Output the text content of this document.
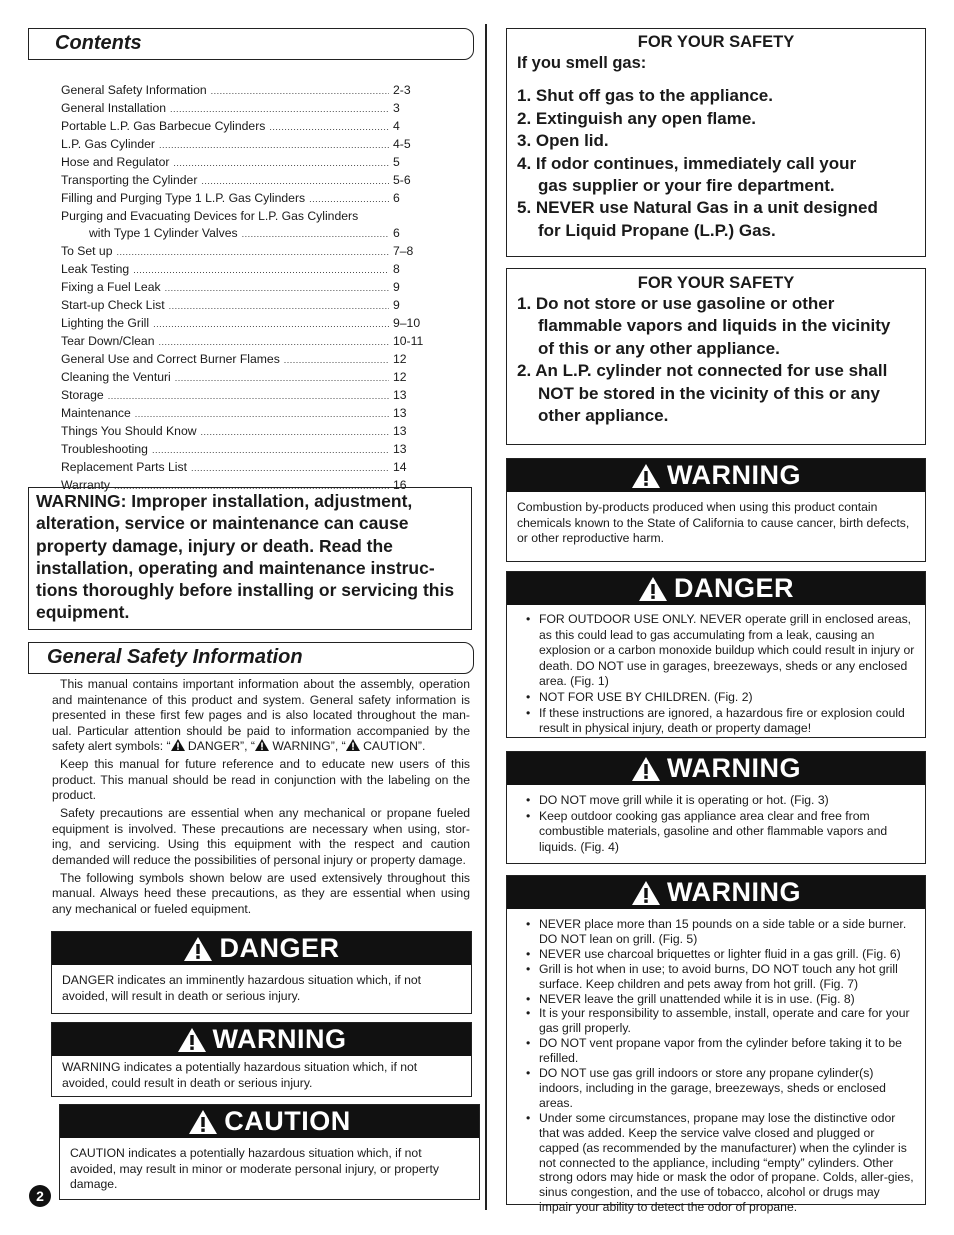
Contents
General Safety Information .....	2-3
General Installation .....	3
Portable L.P. Gas Barbecue Cylinders .....	4
L.P. Gas Cylinder .....	4-5
Hose and Regulator .....	5
Transporting the Cylinder .....	5-6
Filling and Purging Type 1 L.P. Gas Cylinders .....	6
Purging and Evacuating Devices for L.P. Gas Cylinders
with Type 1 Cylinder Valves .....	6
To Set up .....	7–8
Leak Testing .....	8
Fixing a Fuel Leak .....	9
Start-up Check List .....	9
Lighting the Grill .....	9–10
Tear Down/Clean .....	10-11
General Use and Correct Burner Flames .....	12
Cleaning the Venturi .....	12
Storage .....	13
Maintenance .....	13
Things You Should Know .....	13
Troubleshooting .....	13
Replacement Parts List .....	14
Warranty .....	16
WARNING: Improper installation, adjustment, alteration, service or maintenance can cause property damage, injury or death. Read the installation, operating and maintenance instruc-tions thoroughly before installing or servicing this equipment.
General Safety Information

This manual contains important information about the assembly, operation and maintenance of this product and system. General safety information is presented in these first few pages and is also located throughout the man-ual. Particular attention should be paid to information accompanied by the safety alert symbols: “ DANGER”, “ WARNING”, “ CAUTION”.

Keep this manual for future reference and to educate new users of this product. This manual should be read in conjunction with the labeling on the product.

Safety precautions are essential when any mechanical or propane fueled equipment is involved. These precautions are necessary when using, stor-ing, and servicing. Using this equipment with the respect and caution demanded will reduce the possibilities of personal injury or property damage.

The following symbols shown below are used extensively throughout this manual. Always heed these precautions, as they are essential when using any mechanical or fueled equipment.

DANGER
DANGER indicates an imminently hazardous situation which, if not avoided, will result in death or serious injury.
WARNING
WARNING indicates a potentially hazardous situation which, if not avoided, could result in death or serious injury.
CAUTION
CAUTION indicates a potentially hazardous situation which, if not avoided, may result in minor or moderate personal injury, or property damage.
2
FOR YOUR SAFETY
If you smell gas:
1. Shut off gas to the appliance.
2. Extinguish any open flame.
3. Open lid.
4. If odor continues, immediately call your
gas supplier or your fire department.
5. NEVER use Natural Gas in a unit designed
for Liquid Propane (L.P.) Gas.
FOR YOUR SAFETY
1. Do not store or use gasoline or other
flammable vapors and liquids in the vicinity
of this or any other appliance.
2. An L.P. cylinder not connected for use shall
NOT be stored in the vicinity of this or any
other appliance.
WARNING
Combustion by-products produced when using this product contain chemicals known to the State of California to cause cancer, birth defects, or other reproductive harm.
DANGER
• FOR OUTDOOR USE ONLY. NEVER operate grill in enclosed areas, as this could lead to gas accumulating from a leak, causing an explosion or a carbon monoxide buildup which could result in injury or death. DO NOT use in garages, breezeways, sheds or any enclosed area. (Fig. 1)
• NOT FOR USE BY CHILDREN. (Fig. 2)
• If these instructions are ignored, a hazardous fire or explosion could result in physical injury, death or property damage!
WARNING
• DO NOT move grill while it is operating or hot. (Fig. 3)
• Keep outdoor cooking gas appliance area clear and free from combustible materials, gasoline and other flammable vapors and liquids. (Fig. 4)
WARNING
• NEVER place more than 15 pounds on a side table or a side burner. DO NOT lean on grill. (Fig. 5)
• NEVER use charcoal briquettes or lighter fluid in a gas grill. (Fig. 6)
• Grill is hot when in use; to avoid burns, DO NOT touch any hot grill surface. Keep children and pets away from hot grill. (Fig. 7)
• NEVER leave the grill unattended while it is in use. (Fig. 8)
• It is your responsibility to assemble, install, operate and care for your gas grill properly.
• DO NOT vent propane vapor from the cylinder before taking it to be refilled.
• DO NOT use gas grill indoors or store any propane cylinder(s) indoors, including in the garage, breezeways, sheds or enclosed areas.
• Under some circumstances, propane may lose the distinctive odor that was added. Keep the service valve closed and plugged or capped (as recommended by the manufacturer) when the cylinder is not connected to the appliance, including “empty” cylinders. Other strong odors may hide or mask the odor of propane. Colds, aller-gies, sinus congestion, and the use of tobacco, alcohol or drugs may impair your ability to detect the odor of propane.
